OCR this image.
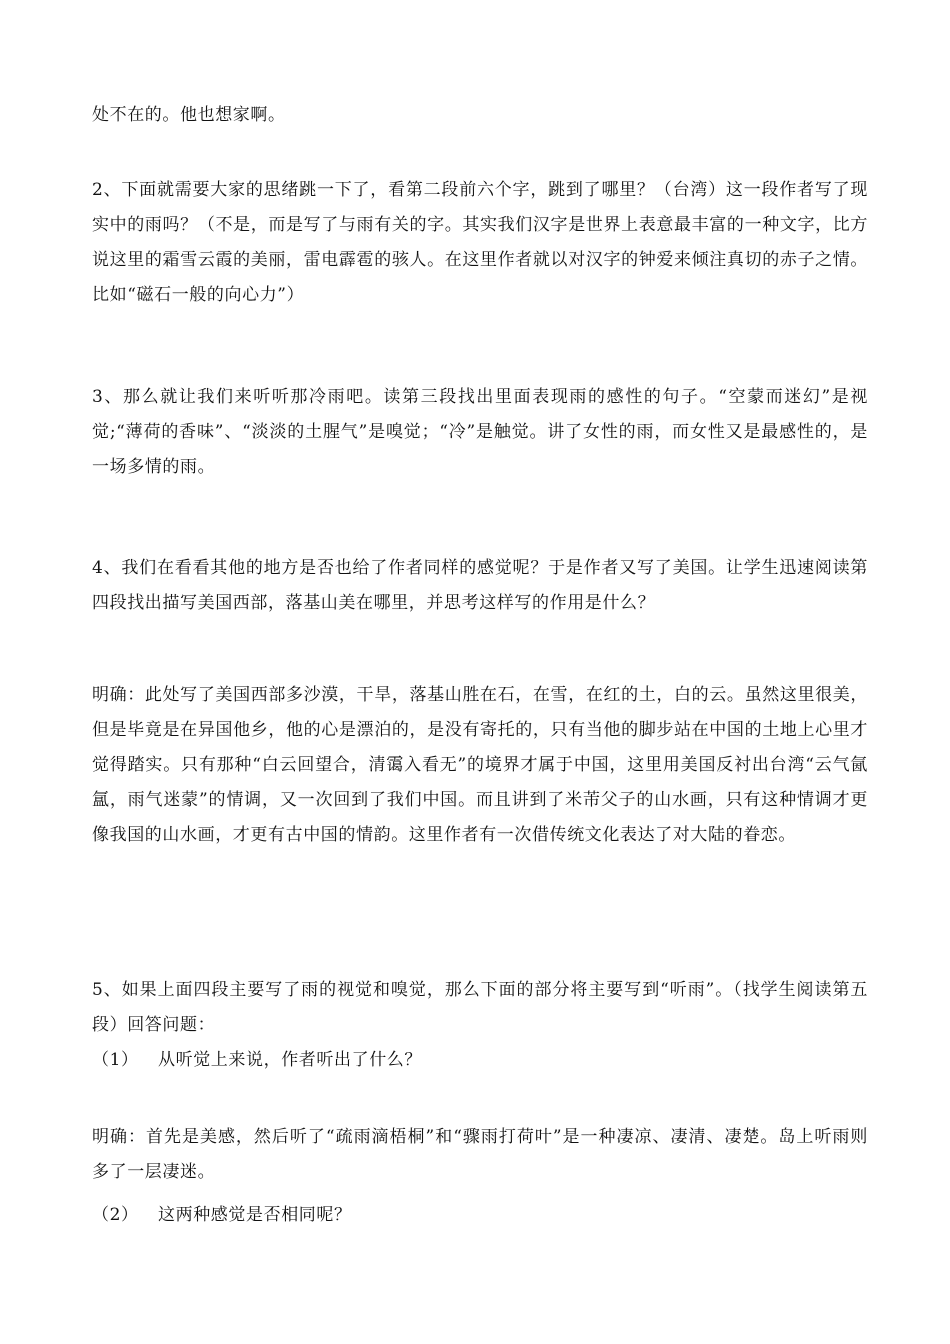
处不在的。他也想家啊。

2、下面就需要大家的思绪跳一下了，看第二段前六个字，跳到了哪里？（台湾）这一段作者写了现实中的雨吗？（不是，而是写了与雨有关的字。其实我们汉字是世界上表意最丰富的一种文字，比方说这里的霜雪云霞的美丽，雷电霹雹的骇人。在这里作者就以对汉字的钟爱来倾注真切的赤子之情。比如“磁石一般的向心力”）

3、那么就让我们来听听那冷雨吧。读第三段找出里面表现雨的感性的句子。“空蒙而迷幻”是视觉;“薄荷的香味”、“淡淡的土腥气”是嗅觉；“冷”是触觉。讲了女性的雨，而女性又是最感性的，是一场多情的雨。

4、我们在看看其他的地方是否也给了作者同样的感觉呢？于是作者又写了美国。让学生迅速阅读第四段找出描写美国西部，落基山美在哪里，并思考这样写的作用是什么？

明确：此处写了美国西部多沙漠，干旱，落基山胜在石，在雪，在红的土，白的云。虽然这里很美，但是毕竟是在异国他乡，他的心是漂泊的，是没有寄托的，只有当他的脚步站在中国的土地上心里才觉得踏实。只有那种“白云回望合，清霭入看无”的境界才属于中国，这里用美国反衬出台湾“云气氤氲，雨气迷蒙”的情调，又一次回到了我们中国。而且讲到了米芾父子的山水画，只有这种情调才更像我国的山水画，才更有古中国的情韵。这里作者有一次借传统文化表达了对大陆的眷恋。

5、如果上面四段主要写了雨的视觉和嗅觉，那么下面的部分将主要写到“听雨”。（找学生阅读第五段）回答问题：

（1） 从听觉上来说，作者听出了什么？

明确：首先是美感，然后听了“疏雨滴梧桐”和“骤雨打荷叶”是一种凄凉、凄清、凄楚。岛上听雨则多了一层凄迷。

（2） 这两种感觉是否相同呢？
